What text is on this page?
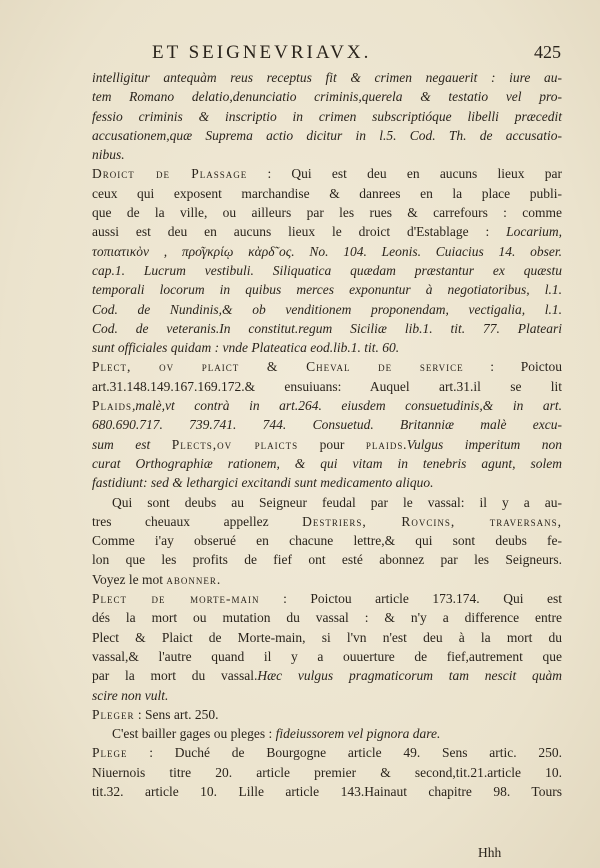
ET SEIGNEVRIAVX.	425
intelligitur antequàm reus receptus fit & crimen negauerit : iure au-
tem Romano delatio,denunciatio criminis,querela & testatio vel pro-
fessio criminis & inscriptio in crimen subscriptióque libelli præcedit
accusationem,quæ Suprema actio dicitur in l.5. Cod. Th. de accusatio-
nibus.
Droict de Plassage : Qui est deu en aucuns lieux par
ceux qui exposent marchandise & danrees en la place publi-
que de la ville, ou ailleurs par les rues & carrefours : comme
aussi est deu en aucuns lieux le droict d'Establage : Locarium,
τοπιατικὸν , προ͂γκρίῳ κὰρδ῀ος. No. 104. Leonis. Cuiacius 14. obser.
cap.1. Lucrum vestibuli. Siliquatica quædam præstantur ex quæstu
temporali locorum in quibus merces exponuntur à negotiatoribus, l.1.
Cod. de Nundinis,& ob venditionem proponendam, vectigalia, l.1.
Cod. de veteranis.In constitut.regum Siciliæ lib.1. tit. 77. Plateari
sunt officiales quidam : vnde Plateatica eod.lib.1. tit. 60.
Plect, ov plaict & Cheval de service : Poictou
art.31.148.149.167.169.172.& ensuiuans: Auquel art.31.il se lit
Plaids,malè,vt contrà in art.264. eiusdem consuetudinis,& in art.
680.690.717. 739.741. 744. Consuetud. Britanniæ malè excu-
sum est Plects,ov plaicts pour plaids.Vulgus imperitum non
curat Orthographiæ rationem, & qui vitam in tenebris agunt, solem
fastidiunt: sed & lethargici excitandi sunt medicamento aliquo.
Qui sont deubs au Seigneur feudal par le vassal: il y a au-
tres cheuaux appellez Destriers, Rovcins, traversans,
Comme i'ay obserué en chacune lettre,& qui sont deubs fe-
lon que les profits de fief ont esté abonnez par les Seigneurs.
Voyez le mot abonner.
Plect de morte-main : Poictou article 173.174. Qui est
dés la mort ou mutation du vassal : & n'y a difference entre
Plect & Plaict de Morte-main, si l'vn n'est deu à la mort du
vassal,& l'autre quand il y a ouuerture de fief,autrement que
par la mort du vassal.Hæc vulgus pragmaticorum tam nescit quàm
scire non vult.
Pleger : Sens art. 250.
C'est bailler gages ou pleges : fideiussorem vel pignora dare.
Plege : Duché de Bourgogne article 49. Sens artic. 250.
Niuernois titre 20. article premier & second,tit.21.article 10.
tit.32. article 10. Lille article 143.Hainaut chapitre 98. Tours
Hhh
